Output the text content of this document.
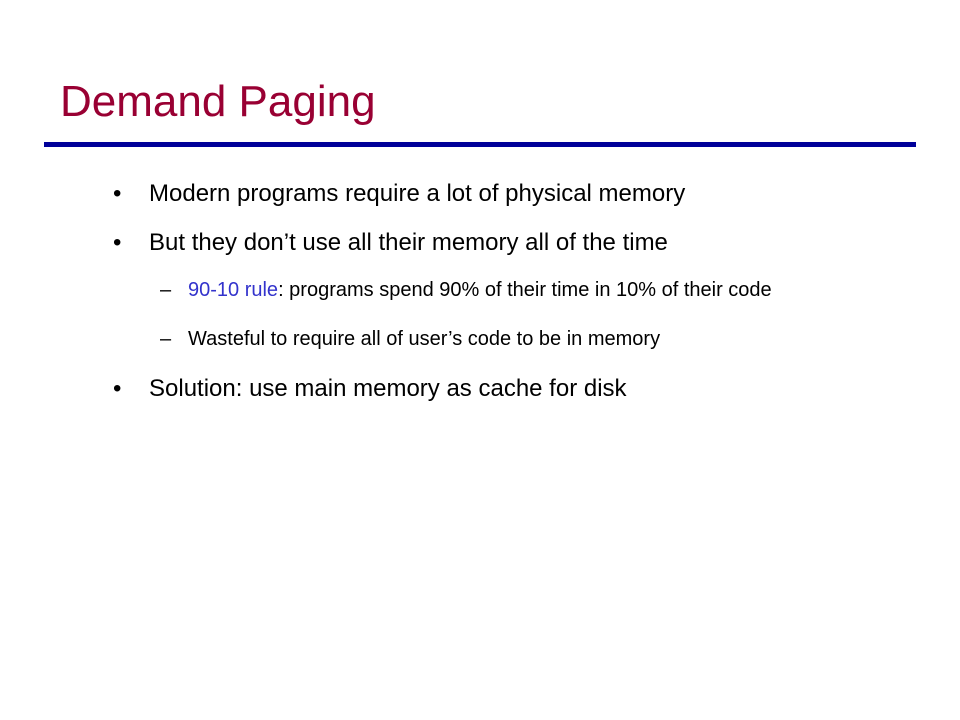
Demand Paging
• Modern programs require a lot of physical memory
• But they don’t use all their memory all of the time
– 90-10 rule: programs spend 90% of their time in 10% of their code
– Wasteful to require all of user’s code to be in memory
• Solution: use main memory as cache for disk
